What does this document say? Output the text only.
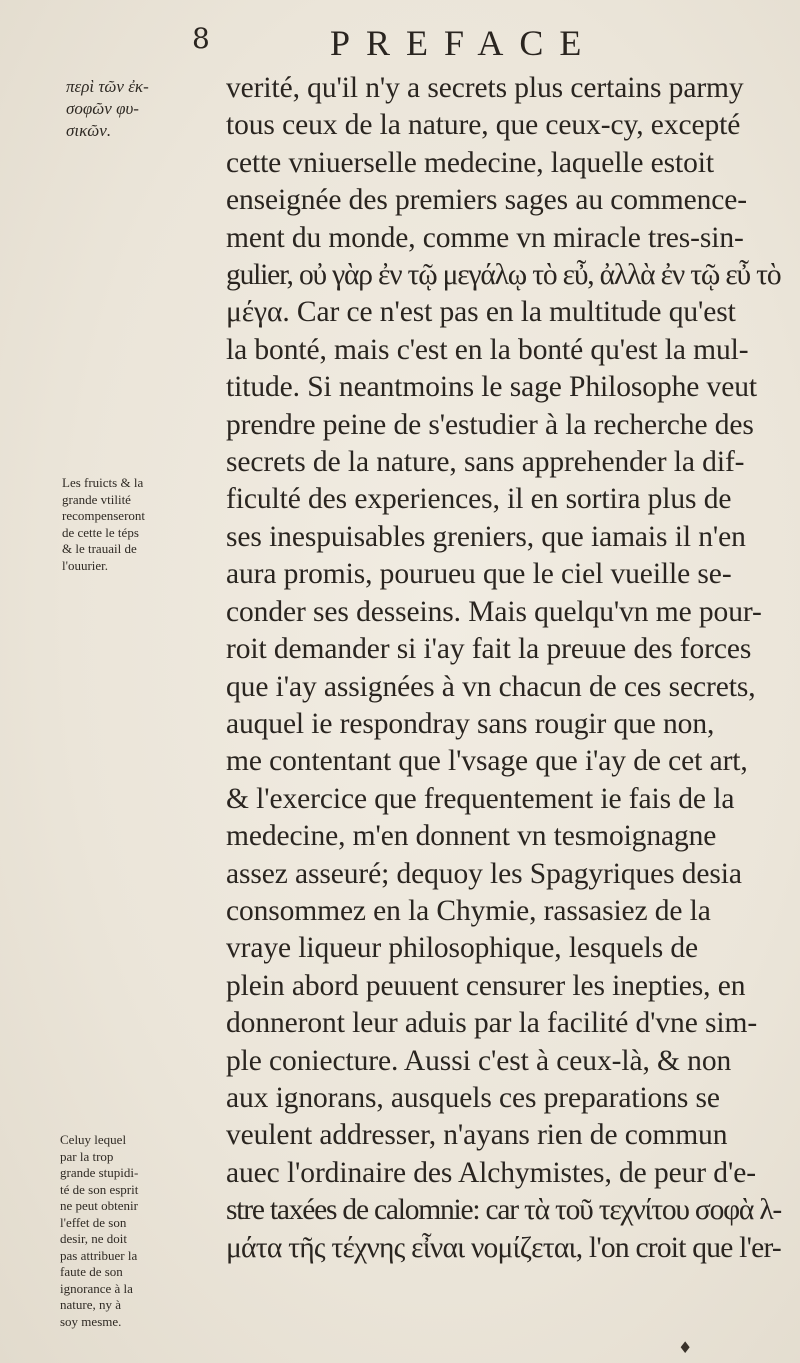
8	PREFACE
περὶ τῶν ἐκ-
σοφῶν φυ-
σικῶν.
Les fruicts & la
grande vtilité
recompenseront
de cette le téps
& le trauail de
l'ouurier.
Celuy lequel
par la trop
grande stupidi-
té de son esprit
ne peut obtenir
l'effet de son
desir, ne doit
pas attribuer la
faute de son
ignorance à la
nature, ny à
soy mesme.
verité, qu'il n'y a secrets plus certains parmy
tous ceux de la nature, que ceux-cy, excepté
cette vniuerselle medecine, laquelle estoit
enseignée des premiers sages au commence-
ment du monde, comme vn miracle tres-sin-
gulier, οὐ γὰρ ἐν τῷ μεγάλῳ τὸ εὖ, ἀλλὰ ἐν τῷ εὖ τὸ
μέγα. Car ce n'est pas en la multitude qu'est
la bonté, mais c'est en la bonté qu'est la mul-
titude. Si neantmoins le sage Philosophe veut
prendre peine de s'estudier à la recherche des
secrets de la nature, sans apprehender la dif-
ficulté des experiences, il en sortira plus de
ses inespuisables greniers, que iamais il n'en
aura promis, pourueu que le ciel vueille se-
conder ses desseins. Mais quelqu'vn me pour-
roit demander si i'ay fait la preuue des forces
que i'ay assignées à vn chacun de ces secrets,
auquel ie respondray sans rougir que non,
me contentant que l'vsage que i'ay de cet art,
& l'exercice que frequentement ie fais de la
medecine, m'en donnent vn tesmoignagne
assez asseuré; dequoy les Spagyriques desia
consommez en la Chymie, rassasiez de la
vraye liqueur philosophique, lesquels de
plein abord peuuent censurer les inepties, en
donneront leur aduis par la facilité d'vne sim-
ple coniecture. Aussi c'est à ceux-là, & non
aux ignorans, ausquels ces preparations se
veulent addresser, n'ayans rien de commun
auec l'ordinaire des Alchymistes, de peur d'e-
stre taxées de calomnie: car τὰ τοῦ τεχνίτου σοφὰ λ-
μάτα τῆς τέχνης εἶναι νομίζεται, l'on croit que l'er-
♦
